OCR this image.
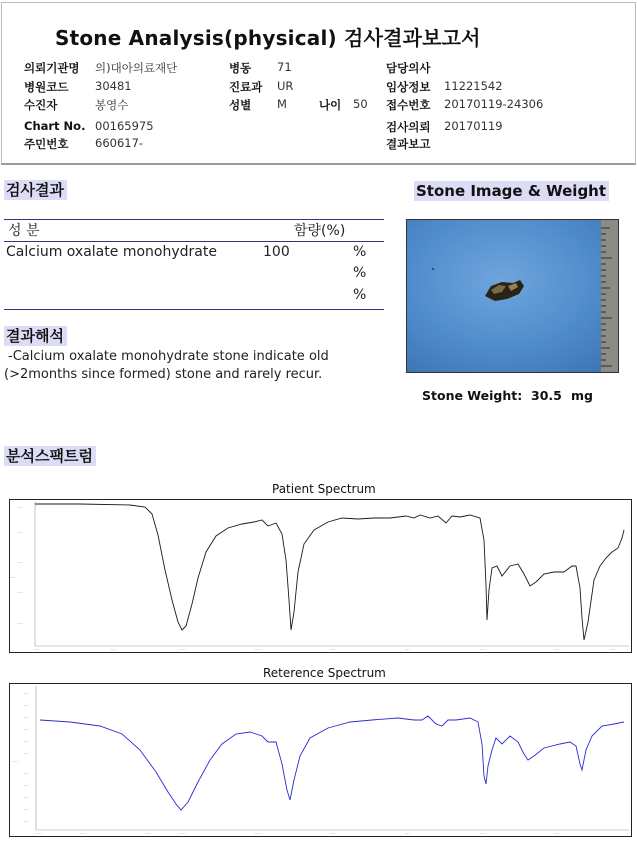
Stone Analysis(physical) 검사결과보고서
의뢰기관명 의)대아의료재단
병원코드 30481
수진자	봉영수
Chart No. 00165975
주민번호 660617-
병동 71
진료과 UR
성별 M	나이 50
담당의사
임상정보 11221542
접수번호 20170119-24306
검사의뢰 20170119
결과보고
검사결과
성 분	함량(%)
Calcium oxalate monohydrate	100	%
%
%
결과해석
-Calcium oxalate monohydrate stone indicate old
(>2months since formed) stone and rarely recur.
Stone Image & Weight
Stone Weight: 30.5 mg
분석스팩트럼
Patient Spectrum
.....
.....
.....
.....
.....
.....
.....	.....	.....	.....	.....	.....	.....	.....	.....
Reterence Spectrum
....
....
....
....
....
....
.....
....
....
....
....
....
.....	.....	.....	.....	.....	.....	.....	.....	.....
